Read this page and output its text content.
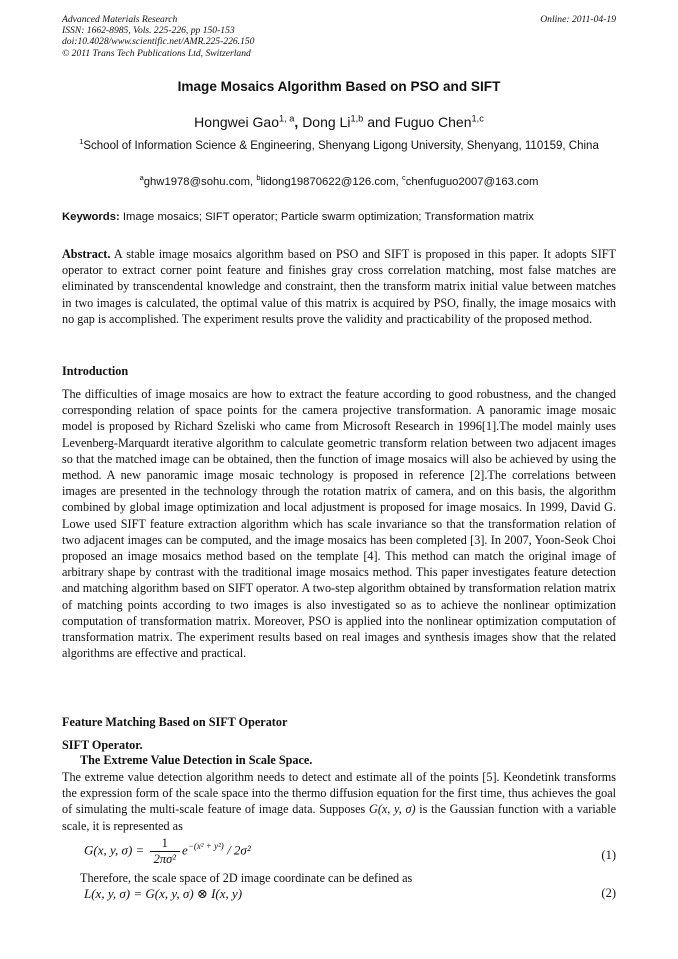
Advanced Materials Research
ISSN: 1662-8985, Vols. 225-226, pp 150-153
doi:10.4028/www.scientific.net/AMR.225-226.150
© 2011 Trans Tech Publications Ltd, Switzerland
Online: 2011-04-19
Image Mosaics Algorithm Based on PSO and SIFT
Hongwei Gao$^{1, a}$, Dong Li$^{1,b}$ and Fuguo Chen$^{1,c}$
$^1$School of Information Science & Engineering, Shenyang Ligong University, Shenyang, 110159, China
$^a$ghw1978@sohu.com, $^b$lidong19870622@126.com, $^c$chenfuguo2007@163.com
Keywords: Image mosaics; SIFT operator; Particle swarm optimization; Transformation matrix
Abstract. A stable image mosaics algorithm based on PSO and SIFT is proposed in this paper. It adopts SIFT operator to extract corner point feature and finishes gray cross correlation matching, most false matches are eliminated by transcendental knowledge and constraint, then the transform matrix initial value between matches in two images is calculated, the optimal value of this matrix is acquired by PSO, finally, the image mosaics with no gap is accomplished. The experiment results prove the validity and practicability of the proposed method.
Introduction
The difficulties of image mosaics are how to extract the feature according to good robustness, and the changed corresponding relation of space points for the camera projective transformation. A panoramic image mosaic model is proposed by Richard Szeliski who came from Microsoft Research in 1996[1].The model mainly uses Levenberg-Marquardt iterative algorithm to calculate geometric transform relation between two adjacent images so that the matched image can be obtained, then the function of image mosaics will also be achieved by using the method. A new panoramic image mosaic technology is proposed in reference [2].The correlations between images are presented in the technology through the rotation matrix of camera, and on this basis, the algorithm combined by global image optimization and local adjustment is proposed for image mosaics. In 1999, David G. Lowe used SIFT feature extraction algorithm which has scale invariance so that the transformation relation of two adjacent images can be computed, and the image mosaics has been completed [3]. In 2007, Yoon-Seok Choi proposed an image mosaics method based on the template [4]. This method can match the original image of arbitrary shape by contrast with the traditional image mosaics method. This paper investigates feature detection and matching algorithm based on SIFT operator. A two-step algorithm obtained by transformation relation matrix of matching points according to two images is also investigated so as to achieve the nonlinear optimization computation of transformation matrix. Moreover, PSO is applied into the nonlinear optimization computation of transformation matrix. The experiment results based on real images and synthesis images show that the related algorithms are effective and practical.
Feature Matching Based on SIFT Operator
SIFT Operator.
The Extreme Value Detection in Scale Space.
The extreme value detection algorithm needs to detect and estimate all of the points [5]. Keondetink transforms the expression form of the scale space into the thermo diffusion equation for the first time, thus achieves the goal of simulating the multi-scale feature of image data. Supposes G(x, y, σ) is the Gaussian function with a variable scale, it is represented as
G(x, y, $\sigma) = \frac{1}{\text{2πσ²}} e^{-(x^2 + y^2)} / 2\sigma^2$	(1)
Therefore, the scale space of 2D image coordinate can be defined as
L(x, y, σ) = G(x, y, σ) ⊗ I(x, y)	(2)
